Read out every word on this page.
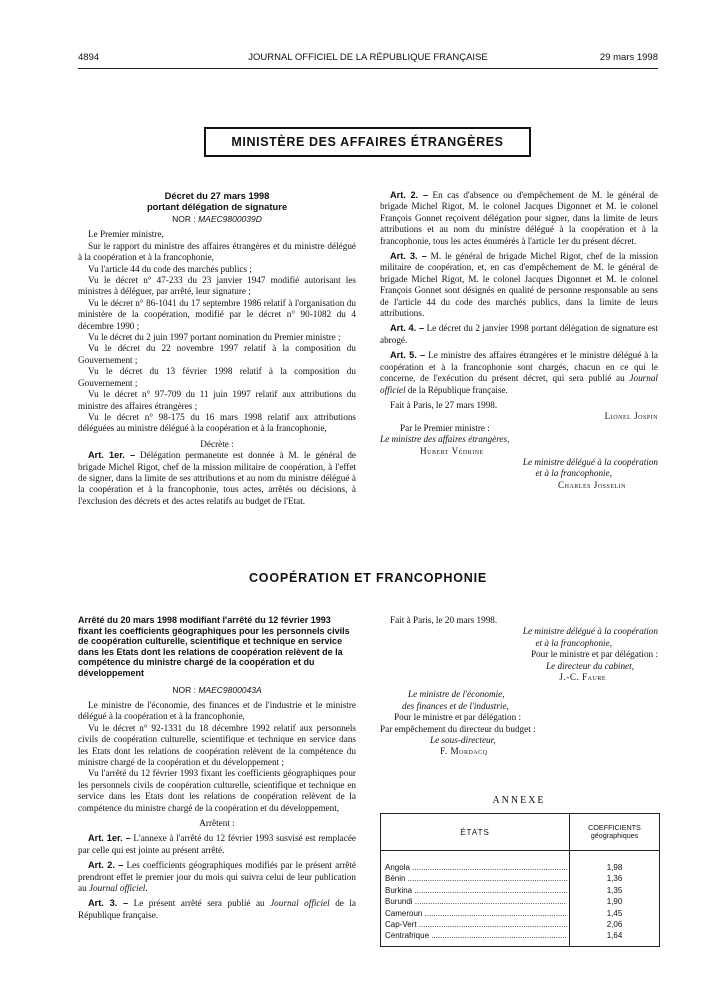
4894	JOURNAL OFFICIEL DE LA RÉPUBLIQUE FRANÇAISE	29 mars 1998
MINISTÈRE DES AFFAIRES ÉTRANGÈRES

Décret du 27 mars 1998

portant délégation de signature

NOR : MAEC9800039D

Le Premier ministre,

Sur le rapport du ministre des affaires étrangères et du ministre délégué à la coopération et à la francophonie,

Vu l'article 44 du code des marchés publics ;

Vu le décret n° 47-233 du 23 janvier 1947 modifié autorisant les ministres à déléguer, par arrêté, leur signature ;

Vu le décret n° 86-1041 du 17 septembre 1986 relatif à l'organisation du ministère de la coopération, modifié par le décret n° 90-1082 du 4 décembre 1990 ;

Vu le décret du 2 juin 1997 portant nomination du Premier ministre ;

Vu le décret du 22 novembre 1997 relatif à la composition du Gouvernement ;

Vu le décret du 13 février 1998 relatif à la composition du Gouvernement ;

Vu le décret n° 97-709 du 11 juin 1997 relatif aux attributions du ministre des affaires étrangères ;

Vu le décret n° 98-175 du 16 mars 1998 relatif aux attributions déléguées au ministre délégué à la coopération et à la francophonie,

Décrète :

Art. 1er. – Délégation permanente est donnée à M. le général de brigade Michel Rigot, chef de la mission militaire de coopération, à l'effet de signer, dans la limite de ses attributions et au nom du ministre délégué à la coopération et à la francophonie, tous actes, arrêtés ou décisions, à l'exclusion des décrets et des actes relatifs au budget de l'Etat.

Art. 2. – En cas d'absence ou d'empêchement de M. le général de brigade Michel Rigot, M. le colonel Jacques Digonnet et M. le colonel François Gonnet reçoivent délégation pour signer, dans la limite de leurs attributions et au nom du ministre délégué à la coopération et à la francophonie, tous les actes énumérés à l'article 1er du présent décret.

Art. 3. – M. le général de brigade Michel Rigot, chef de la mission militaire de coopération, et, en cas d'empêchement de M. le général de brigade Michel Rigot, M. le colonel Jacques Digonnet et M. le colonel François Gonnet sont désignés en qualité de personne responsable au sens de l'article 44 du code des marchés publics, dans la limite de leurs attributions.

Art. 4. – Le décret du 2 janvier 1998 portant délégation de signature est abrogé.

Art. 5. – Le ministre des affaires étrangères et le ministre délégué à la coopération et à la francophonie sont chargés, chacun en ce qui le concerne, de l'exécution du présent décret, qui sera publié au Journal officiel de la République française.

Fait à Paris, le 27 mars 1998.

Lionel Jospin

Par le Premier ministre :

Le ministre des affaires étrangères,

Hubert Védrine

Le ministre délégué à la coopération

et à la francophonie,

Charles Josselin

COOPÉRATION ET FRANCOPHONIE

Arrêté du 20 mars 1998 modifiant l'arrêté du 12 février 1993 fixant les coefficients géographiques pour les personnels civils de coopération culturelle, scientifique et technique en service dans les Etats dont les relations de coopération relèvent de la compétence du ministre chargé de la coopération et du développement

NOR : MAEC9800043A

Le ministre de l'économie, des finances et de l'industrie et le ministre délégué à la coopération et à la francophonie,

Vu le décret n° 92-1331 du 18 décembre 1992 relatif aux personnels civils de coopération culturelle, scientifique et technique en service dans les Etats dont les relations de coopération relèvent de la compétence du ministre chargé de la coopération et du développement ;

Vu l'arrêté du 12 février 1993 fixant les coefficients géographiques pour les personnels civils de coopération culturelle, scientifique et technique en service dans les Etats dont les relations de coopération relèvent de la compétence du ministre chargé de la coopération et du développement,

Arrêtent :

Art. 1er. – L'annexe à l'arrêté du 12 février 1993 susvisé est remplacée par celle qui est jointe au présent arrêté.

Art. 2. – Les coefficients géographiques modifiés par le présent arrêté prendront effet le premier jour du mois qui suivra celui de leur publication au Journal officiel.

Art. 3. – Le présent arrêté sera publié au Journal officiel de la République française.

Fait à Paris, le 20 mars 1998.

Le ministre délégué à la coopération

et à la francophonie,

Pour le ministre et par délégation :

Le directeur du cabinet,

J.-C. Faure

Le ministre de l'économie,

des finances et de l'industrie,

Pour le ministre et par délégation :

Par empêchement du directeur du budget :

Le sous-directeur,

F. Mordacq

ANNEXE
ÉTATS
COEFFICIENTS
géographiques
Angola .....	1,98
Bénin .....	1,36
Burkina .....	1,35
Burundi .....	1,90
Cameroun .....	1,45
Cap-Vert .....	2,06
Centrafrique .....	1,64
